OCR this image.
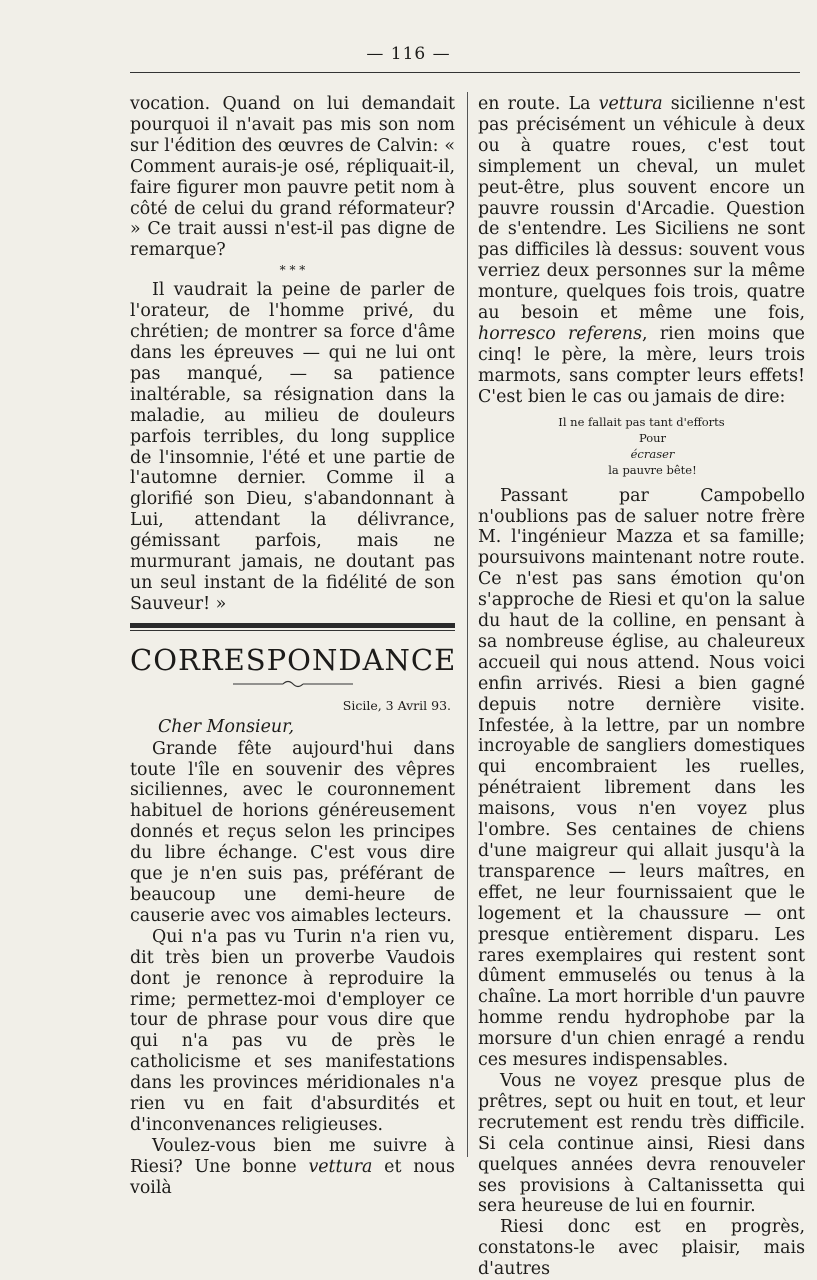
— 116 —

vocation. Quand on lui demandait pourquoi il n'avait pas mis son nom sur l'édition des œuvres de Calvin: « Comment aurais-je osé, répliquait-il, faire figurer mon pauvre petit nom à côté de celui du grand réformateur? » Ce trait aussi n'est-il pas digne de remarque?

* * *

Il vaudrait la peine de parler de l'orateur, de l'homme privé, du chrétien; de montrer sa force d'âme dans les épreuves — qui ne lui ont pas manqué, — sa patience inaltérable, sa résignation dans la maladie, au milieu de douleurs parfois terribles, du long supplice de l'insomnie, l'été et une partie de l'automne dernier. Comme il a glorifié son Dieu, s'abandonnant à Lui, attendant la délivrance, gémissant parfois, mais ne murmurant jamais, ne doutant pas un seul instant de la fidélité de son Sauveur! »

CORRESPONDANCE
Sicile, 3 Avril 93.
Cher Monsieur,

Grande fête aujourd'hui dans toute l'île en souvenir des vêpres siciliennes, avec le couronnement habituel de horions généreusement donnés et reçus selon les principes du libre échange. C'est vous dire que je n'en suis pas, préférant de beaucoup une demi-heure de causerie avec vos aimables lecteurs.

Qui n'a pas vu Turin n'a rien vu, dit très bien un proverbe Vaudois dont je renonce à reproduire la rime; permettez-moi d'employer ce tour de phrase pour vous dire que qui n'a pas vu de près le catholicisme et ses manifestations dans les provinces méridionales n'a rien vu en fait d'absurdités et d'inconvenances religieuses.

Voulez-vous bien me suivre à Riesi? Une bonne vettura et nous voilà

en route. La vettura sicilienne n'est pas précisément un véhicule à deux ou à quatre roues, c'est tout simplement un cheval, un mulet peut-être, plus souvent encore un pauvre roussin d'Arcadie. Question de s'entendre. Les Siciliens ne sont pas difficiles là dessus: souvent vous verriez deux personnes sur la même monture, quelques fois trois, quatre au besoin et même une fois, horresco referens, rien moins que cinq! le père, la mère, leurs trois marmots, sans compter leurs effets! C'est bien le cas ou jamais de dire:

Il ne fallait pas tant d'efforts
Pour
écraser
la pauvre bête!

Passant par Campobello n'oublions pas de saluer notre frère M. l'ingénieur Mazza et sa famille; poursuivons maintenant notre route. Ce n'est pas sans émotion qu'on s'approche de Riesi et qu'on la salue du haut de la colline, en pensant à sa nombreuse église, au chaleureux accueil qui nous attend. Nous voici enfin arrivés. Riesi a bien gagné depuis notre dernière visite. Infestée, à la lettre, par un nombre incroyable de sangliers domestiques qui encombraient les ruelles, pénétraient librement dans les maisons, vous n'en voyez plus l'ombre. Ses centaines de chiens d'une maigreur qui allait jusqu'à la transparence — leurs maîtres, en effet, ne leur fournissaient que le logement et la chaussure — ont presque entièrement disparu. Les rares exemplaires qui restent sont dûment emmuselés ou tenus à la chaîne. La mort horrible d'un pauvre homme rendu hydrophobe par la morsure d'un chien enragé a rendu ces mesures indispensables.

Vous ne voyez presque plus de prêtres, sept ou huit en tout, et leur recrutement est rendu très difficile. Si cela continue ainsi, Riesi dans quelques années devra renouveler ses provisions à Caltanissetta qui sera heureuse de lui en fournir.

Riesi donc est en progrès, constatons-le avec plaisir, mais d'autres
